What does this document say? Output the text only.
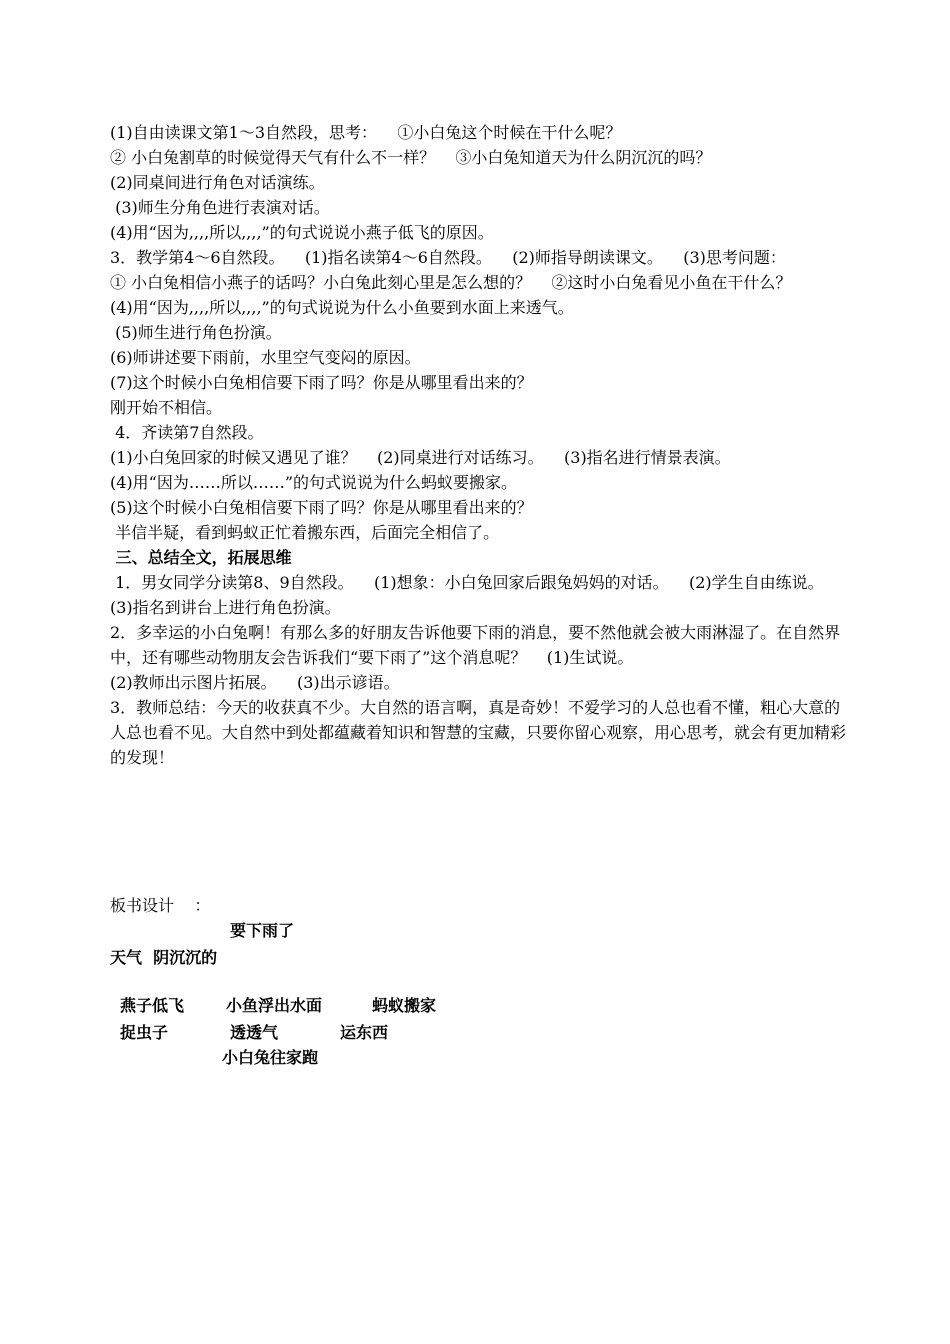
(1)自由读课文第1～3自然段，思考：    ①小白兔这个时候在干什么呢？

② 小白兔割草的时候觉得天气有什么不一样？    ③小白兔知道天为什么阴沉沉的吗？

(2)同桌间进行角色对话演练。

(3)师生分角色进行表演对话。

(4)用“因为,,,,所以,,,,”的句式说说小燕子低飞的原因。

3．教学第4～6自然段。    (1)指名读第4～6自然段。    (2)师指导朗读课文。    (3)思考问题：

① 小白兔相信小燕子的话吗？小白兔此刻心里是怎么想的？    ②这时小白兔看见小鱼在干什么？

(4)用“因为,,,,所以,,,,”的句式说说为什么小鱼要到水面上来透气。

(5)师生进行角色扮演。

(6)师讲述要下雨前，水里空气变闷的原因。

(7)这个时候小白兔相信要下雨了吗？你是从哪里看出来的？

刚开始不相信。

4．齐读第7自然段。

(1)小白兔回家的时候又遇见了谁？    (2)同桌进行对话练习。    (3)指名进行情景表演。

(4)用“因为……所以……”的句式说说为什么蚂蚁要搬家。

(5)这个时候小白兔相信要下雨了吗？你是从哪里看出来的？

半信半疑，看到蚂蚁正忙着搬东西，后面完全相信了。

三、总结全文，拓展思维

1．男女同学分读第8、9自然段。    (1)想象：小白兔回家后跟兔妈妈的对话。    (2)学生自由练说。

(3)指名到讲台上进行角色扮演。

2．多幸运的小白兔啊！有那么多的好朋友告诉他要下雨的消息，要不然他就会被大雨淋湿了。在自然界中，还有哪些动物朋友会告诉我们“要下雨了”这个消息呢？    (1)生试说。

(2)教师出示图片拓展。    (3)出示谚语。

3．教师总结：今天的收获真不少。大自然的语言啊，真是奇妙！不爱学习的人总也看不懂，粗心大意的人总也看不见。大自然中到处都蕴藏着知识和智慧的宝藏，只要你留心观察，用心思考，就会有更加精彩的发现！

板书设计    ：

要下雨了

天气  阴沉沉的

燕子低飞	小鱼浮出水面	蚂蚁搬家

捉虫子	透透气	运东西

小白兔往家跑
